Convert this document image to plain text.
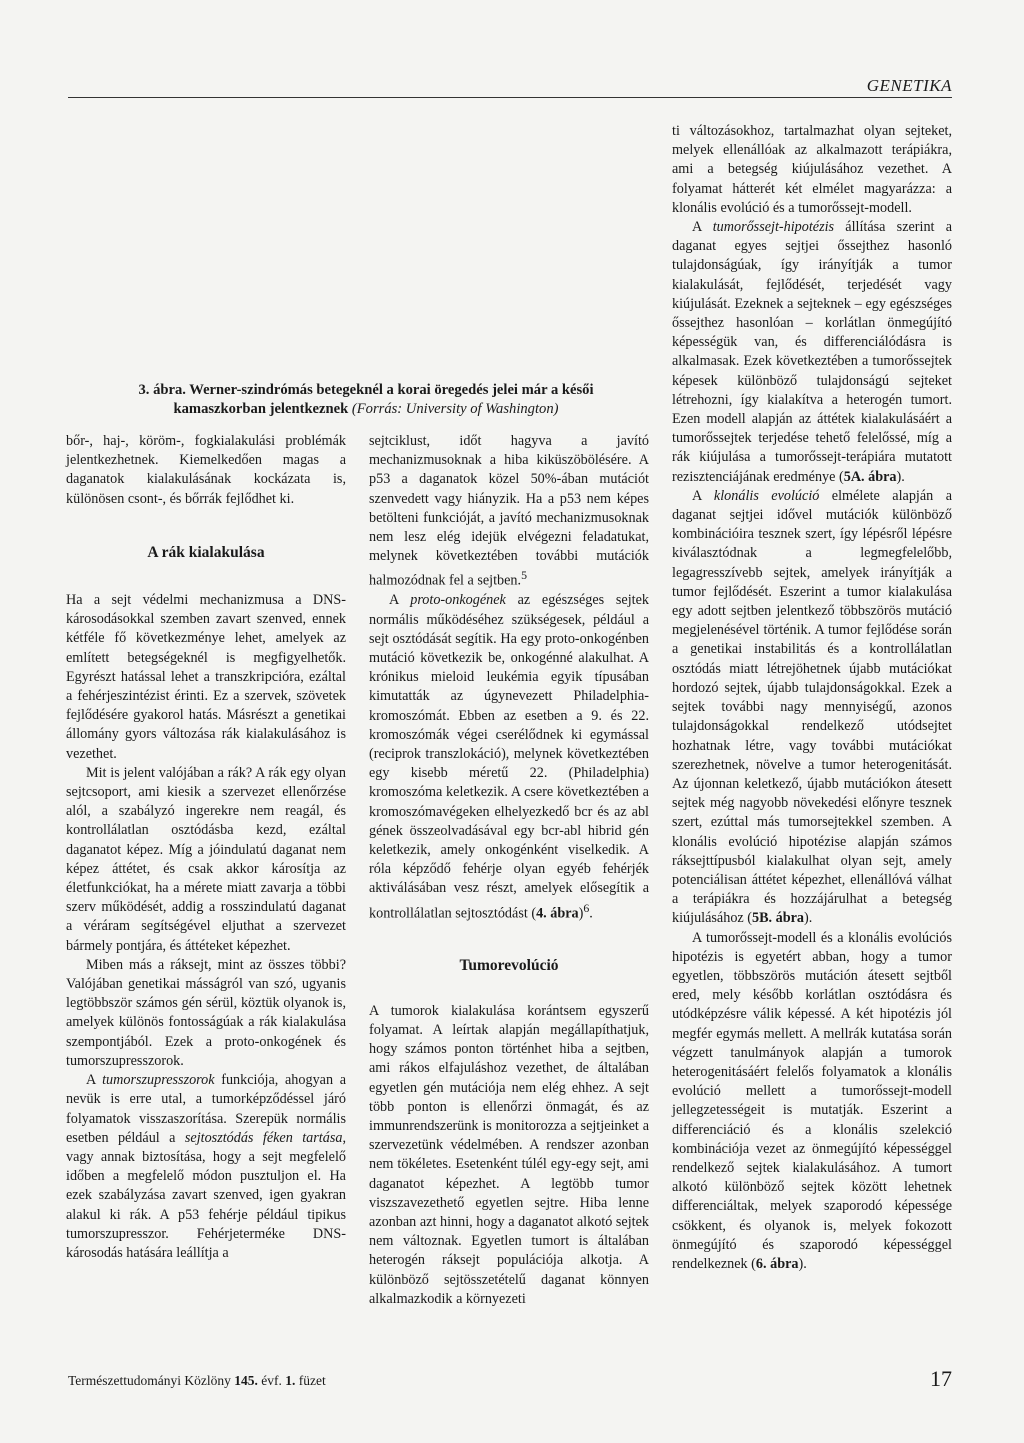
GENETIKA
3. ábra. Werner-szindrómás betegeknél a korai öregedés jelei már a késői kamaszkorban jelentkeznek (Forrás: University of Washington)

bőr-, haj-, köröm-, fogkialakulási problémák jelentkezhetnek. Kiemelkedően magas a daganatok kialakulásának kockázata is, különösen csont-, és bőrrák fejlődhet ki.

A rák kialakulása

Ha a sejt védelmi mechanizmusa a DNS-károsodásokkal szemben zavart szenved, ennek kétféle fő következménye lehet, amelyek az említett betegségeknél is megfigyelhetők. Egyrészt hatással lehet a transzkripcióra, ezáltal a fehérjeszintézist érinti. Ez a szervek, szövetek fejlődésére gyakorol hatás. Másrészt a genetikai állomány gyors változása rák kialakulásához is vezethet.

Mit is jelent valójában a rák? A rák egy olyan sejtcsoport, ami kiesik a szervezet ellenőrzése alól, a szabályzó ingerekre nem reagál, és kontrollálatlan osztódásba kezd, ezáltal daganatot képez. Míg a jóindulatú daganat nem képez áttétet, és csak akkor károsítja az életfunkciókat, ha a mérete miatt zavarja a többi szerv működését, addig a rosszindulatú daganat a véráram segítségével eljuthat a szervezet bármely pontjára, és áttéteket képezhet.

Miben más a ráksejt, mint az összes többi? Valójában genetikai másságról van szó, ugyanis legtöbbször számos gén sérül, köztük olyanok is, amelyek különös fontosságúak a rák kialakulása szempontjából. Ezek a proto-onkogének és tumorszupresszorok.

A tumorszupresszorok funkciója, ahogyan a nevük is erre utal, a tumorképződéssel járó folyamatok visszaszorítása. Szerepük normális esetben például a sejtosztódás féken tartása, vagy annak biztosítása, hogy a sejt megfelelő időben a megfelelő módon pusztuljon el. Ha ezek szabályzása zavart szenved, igen gyakran alakul ki rák. A p53 fehérje például tipikus tumorszupresszor. Fehérjetermékе DNS-károsodás hatására leállítja a

sejtciklust, időt hagyva a javító mechanizmusoknak a hiba kiküszöbölésére. A p53 a daganatok közel 50%-ában mutációt szenvedett vagy hiányzik. Ha a p53 nem képes betölteni funkcióját, a javító mechanizmusoknak nem lesz elég idejük elvégezni feladatukat, melynek következtében további mutációk halmozódnak fel a sejtben.$^5$

A proto-onkogének az egészséges sejtek normális működéséhez szükségesek, például a sejt osztódását segítik. Ha egy proto-onkogénben mutáció következik be, onkogénné alakulhat. A krónikus mieloid leukémia egyik típusában kimutatták az úgynevezett Philadelphia-kromoszómát. Ebben az esetben a 9. és 22. kromoszómák végei cserélődnek ki egymással (reciprok transzlokáció), melynek következtében egy kisebb méretű 22. (Philadelphia) kromoszóma keletkezik. A csere következtében a kromoszómavégeken elhelyezkedő bcr és az abl gének összeolvadásával egy bcr-abl hibrid gén keletkezik, amely onkogénként viselkedik. A róla képződő fehérje olyan egyéb fehérjék aktiválásában vesz részt, amelyek elősegítik a kontrollálatlan sejtosztódást (4. ábra)$^6$.

Tumorevolúció

A tumorok kialakulása korántsem egyszerű folyamat. A leírtak alapján megállapíthatjuk, hogy számos ponton történhet hiba a sejtben, ami rákos elfajuláshoz vezethet, de általában egyetlen gén mutációja nem elég ehhez. A sejt több ponton is ellenőrzi önmagát, és az immunrendszerünk is monitorozza a sejtjeinket a szervezetünk védelmében. A rendszer azonban nem tökéletes. Esetenként túlél egy-egy sejt, ami daganatot képezhet. A legtöbb tumor viszszavezethető egyetlen sejtre. Hiba lenne azonban azt hinni, hogy a daganatot alkotó sejtek nem változnak. Egyetlen tumort is általában heterogén ráksejt populációja alkotja. A különböző sejtösszetételű daganat könnyen alkalmazkodik a környezeti

ti változásokhoz, tartalmazhat olyan sejteket, melyek ellenállóak az alkalmazott terápiákra, ami a betegség kiújulásához vezethet. A folyamat hátterét két elmélet magyarázza: a klonális evolúció és a tumorőssejt-modell.

A tumorőssejt-hipotézis állítása szerint a daganat egyes sejtjei őssejthez hasonló tulajdonságúak, így irányítják a tumor kialakulását, fejlődését, terjedését vagy kiújulását. Ezeknek a sejteknek – egy egészséges őssejthez hasonlóan – korlátlan önmegújító képességük van, és differenciálódásra is alkalmasak. Ezek következtében a tumorőssejtek képesek különböző tulajdonságú sejteket létrehozni, így kialakítva a heterogén tumort. Ezen modell alapján az áttétek kialakulásáért a tumorőssejtek terjedése tehető felelőssé, míg a rák kiújulása a tumorőssejt-terápiára mutatott rezisztenciájának eredménye (5A. ábra).

A klonális evolúció elmélete alapján a daganat sejtjei idővel mutációk különböző kombinációira tesznek szert, így lépésről lépésre kiválasztódnak a legmegfelelőbb, legagresszívebb sejtek, amelyek irányítják a tumor fejlődését. Eszerint a tumor kialakulása egy adott sejtben jelentkező többszörös mutáció megjelenésével történik. A tumor fejlődése során a genetikai instabilitás és a kontrollálatlan osztódás miatt létrejöhetnek újabb mutációkat hordozó sejtek, újabb tulajdonságokkal. Ezek a sejtek további nagy mennyiségű, azonos tulajdonságokkal rendelkező utódsejtet hozhatnak létre, vagy további mutációkat szerezhetnek, növelve a tumor heterogenitását. Az újonnan keletkező, újabb mutációkon átesett sejtek még nagyobb növekedési előnyre tesznek szert, ezúttal más tumorsejtekkel szemben. A klonális evolúció hipotézise alapján számos ráksejttípusból kialakulhat olyan sejt, amely potenciálisan áttétet képezhet, ellenállóvá válhat a terápiákra és hozzájárulhat a betegség kiújulásához (5B. ábra).

A tumorőssejt-modell és a klonális evolúciós hipotézis is egyetért abban, hogy a tumor egyetlen, többszörös mutáción átesett sejtből ered, mely később korlátlan osztódásra és utódképzésre válik képessé. A két hipotézis jól megfér egymás mellett. A mellrák kutatása során végzett tanulmányok alapján a tumorok heterogenitásáért felelős folyamatok a klonális evolúció mellett a tumorőssejt-modell jellegzetességeit is mutatják. Eszerint a differenciáció és a klonális szelekció kombinációja vezet az önmegújító képességgel rendelkező sejtek kialakulásához. A tumort alkotó különböző sejtek között lehetnek differenciáltak, melyek szaporodó képessége csökkent, és olyanok is, melyek fokozott önmegújító és szaporodó képességgel rendelkeznek (6. ábra).

Természettudományi Közlöny 145. évf. 1. füzet	17
